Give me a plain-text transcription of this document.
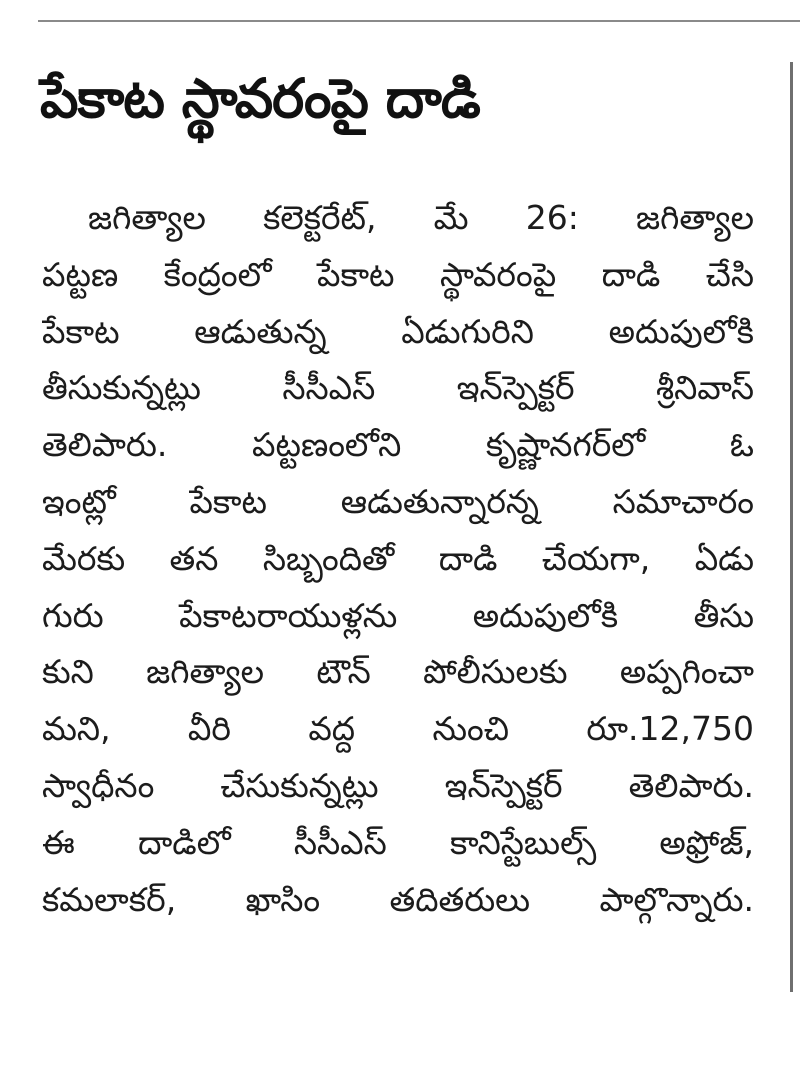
పేకాట స్థావరంపై దాడి
జగిత్యాల కలెక్టరేట్, మే 26: జగిత్యాల
పట్టణ కేంద్రంలో పేకాట స్థావరంపై దాడి చేసి
పేకాట ఆడుతున్న ఏడుగురిని అదుపులోకి
తీసుకున్నట్లు సీసీఎస్ ఇన్‌స్పెక్టర్ శ్రీనివాస్
తెలిపారు. పట్టణంలోని కృష్ణానగర్‌లో ఓ
ఇంట్లో పేకాట ఆడుతున్నారన్న సమాచారం
మేరకు తన సిబ్బందితో దాడి చేయగా, ఏడు
గురు పేకాటరాయుళ్లను అదుపులోకి తీసు
కుని జగిత్యాల టౌన్ పోలీసులకు అప్పగించా
మని, వీరి వద్ద నుంచి రూ.12,750
స్వాధీనం చేసుకున్నట్లు ఇన్‌స్పెక్టర్ తెలిపారు.
ఈ దాడిలో సీసీఎస్ కానిస్టేబుల్స్ అఫ్రోజ్,
కమలాకర్, ఖాసిం తదితరులు పాల్గొన్నారు.
